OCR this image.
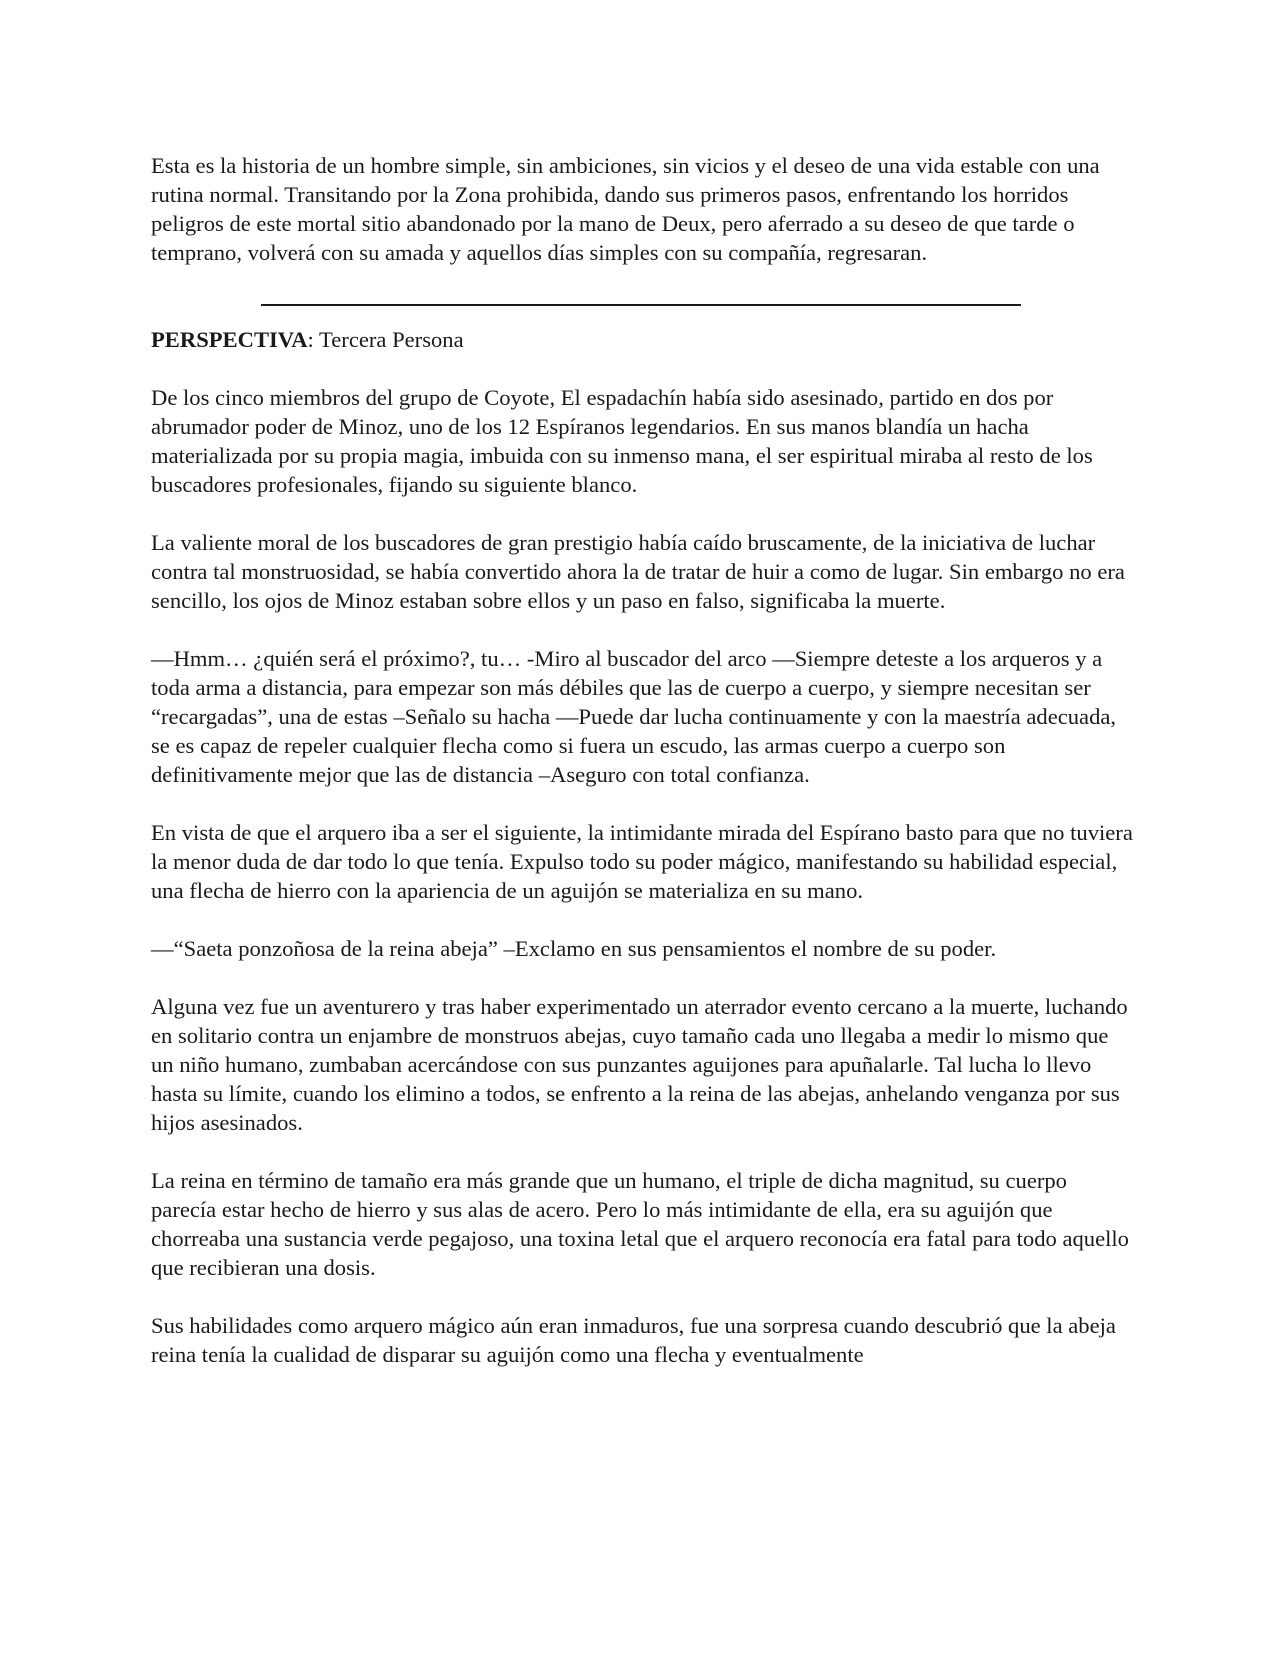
Esta es la historia de un hombre simple, sin ambiciones, sin vicios y el deseo de una vida estable con una rutina normal. Transitando por la Zona prohibida, dando sus primeros pasos, enfrentando los horridos peligros de este mortal sitio abandonado por la mano de Deux, pero aferrado a su deseo de que tarde o temprano, volverá con su amada y aquellos días simples con su compañía, regresaran.

PERSPECTIVA: Tercera Persona

De los cinco miembros del grupo de Coyote, El espadachín había sido asesinado, partido en dos por abrumador poder de Minoz, uno de los 12 Espíranos legendarios. En sus manos blandía un hacha materializada por su propia magia, imbuida con su inmenso mana, el ser espiritual miraba al resto de los buscadores profesionales, fijando su siguiente blanco.

La valiente moral de los buscadores de gran prestigio había caído bruscamente, de la iniciativa de luchar contra tal monstruosidad, se había convertido ahora la de tratar de huir a como de lugar. Sin embargo no era sencillo, los ojos de Minoz estaban sobre ellos y un paso en falso, significaba la muerte.

—Hmm… ¿quién será el próximo?, tu… -Miro al buscador del arco —Siempre deteste a los arqueros y a toda arma a distancia, para empezar son más débiles que las de cuerpo a cuerpo, y siempre necesitan ser “recargadas”, una de estas –Señalo su hacha —Puede dar lucha continuamente y con la maestría adecuada, se es capaz de repeler cualquier flecha como si fuera un escudo, las armas cuerpo a cuerpo son definitivamente mejor que las de distancia –Aseguro con total confianza.

En vista de que el arquero iba a ser el siguiente, la intimidante mirada del Espírano basto para que no tuviera la menor duda de dar todo lo que tenía. Expulso todo su poder mágico, manifestando su habilidad especial, una flecha de hierro con la apariencia de un aguijón se materializa en su mano.

—“Saeta ponzoñosa de la reina abeja” –Exclamo en sus pensamientos el nombre de su poder.

Alguna vez fue un aventurero y tras haber experimentado un aterrador evento cercano a la muerte, luchando en solitario contra un enjambre de monstruos abejas, cuyo tamaño cada uno llegaba a medir lo mismo que un niño humano, zumbaban acercándose con sus punzantes aguijones para apuñalarle. Tal lucha lo llevo hasta su límite, cuando los elimino a todos, se enfrento a la reina de las abejas, anhelando venganza por sus hijos asesinados.

La reina en término de tamaño era más grande que un humano, el triple de dicha magnitud, su cuerpo parecía estar hecho de hierro y sus alas de acero. Pero lo más intimidante de ella, era su aguijón que chorreaba una sustancia verde pegajoso, una toxina letal que el arquero reconocía era fatal para todo aquello que recibieran una dosis.

Sus habilidades como arquero mágico aún eran inmaduros, fue una sorpresa cuando descubrió que la abeja reina tenía la cualidad de disparar su aguijón como una flecha y eventualmente
